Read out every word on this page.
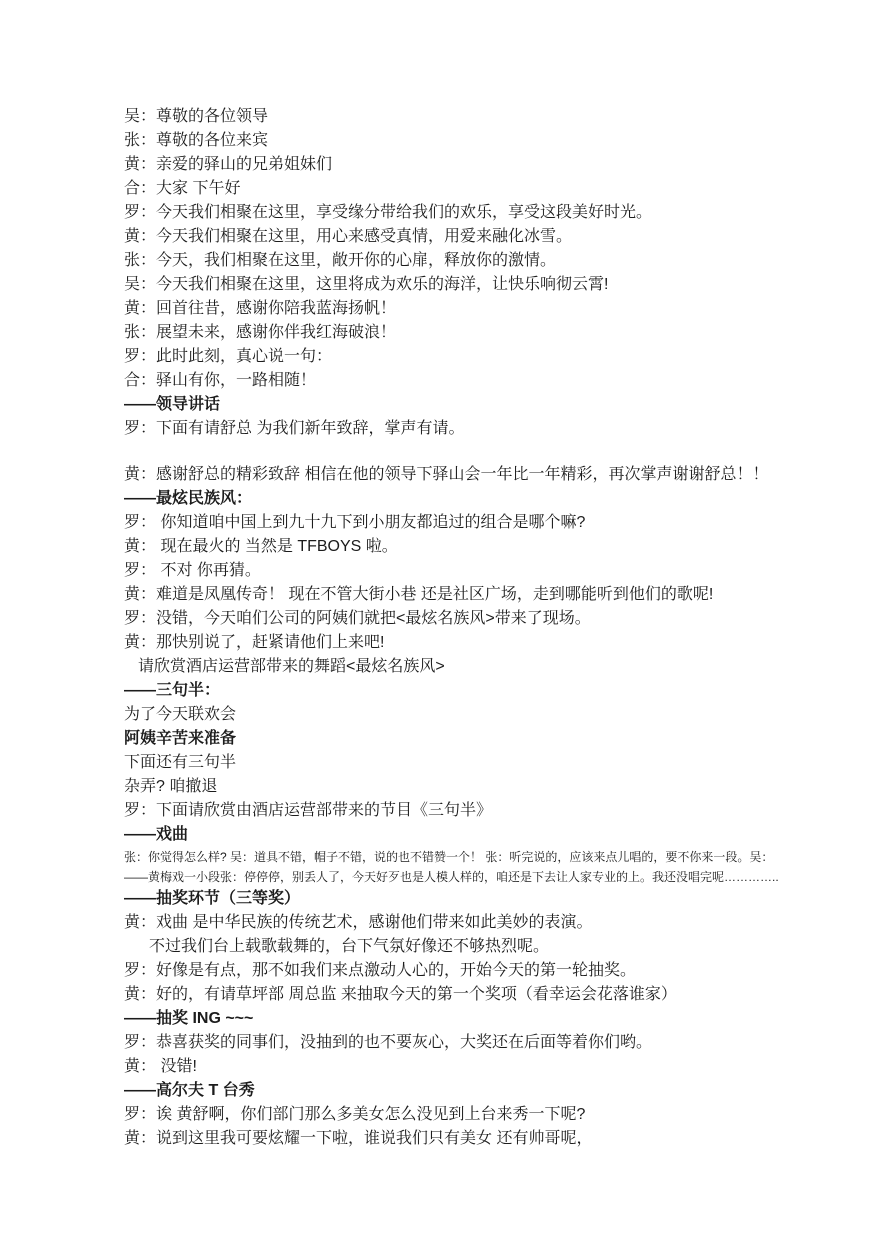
吴：尊敬的各位领导
张：尊敬的各位来宾
黄：亲爱的驿山的兄弟姐妹们
合：大家 下午好
罗：今天我们相聚在这里，享受缘分带给我们的欢乐，享受这段美好时光。
黄：今天我们相聚在这里，用心来感受真情，用爱来融化冰雪。
张：今天，我们相聚在这里，敞开你的心扉，释放你的激情。
吴：今天我们相聚在这里，这里将成为欢乐的海洋，让快乐响彻云霄!
黄：回首往昔，感谢你陪我蓝海扬帆！
张：展望未来，感谢你伴我红海破浪！
罗：此时此刻，真心说一句：
合：驿山有你，一路相随！
——领导讲话
罗：下面有请舒总 为我们新年致辞，掌声有请。
黄：感谢舒总的精彩致辞 相信在他的领导下驿山会一年比一年精彩，再次掌声谢谢舒总！！
——最炫民族风：
罗： 你知道咱中国上到九十九下到小朋友都追过的组合是哪个嘛?
黄： 现在最火的 当然是 TFBOYS 啦。
罗： 不对 你再猜。
黄：难道是凤凰传奇！ 现在不管大街小巷 还是社区广场，走到哪能听到他们的歌呢!
罗：没错，今天咱们公司的阿姨们就把<最炫名族风>带来了现场。
黄：那快别说了，赶紧请他们上来吧!
请欣赏酒店运营部带来的舞蹈<最炫名族风>
——三句半：
为了今天联欢会
阿姨辛苦来准备
下面还有三句半
杂弄? 咱撤退
罗：下面请欣赏由酒店运营部带来的节目《三句半》
——戏曲
张：你觉得怎么样? 吴：道具不错，帽子不错，说的也不错赞一个！ 张：听完说的，应该来点儿唱的，要不你来一段。吴：
——黄梅戏一小段张：停停停，别丢人了，今天好歹也是人模人样的，咱还是下去让人家专业的上。我还没唱完呢…………..
——抽奖环节（三等奖）
黄：戏曲 是中华民族的传统艺术，感谢他们带来如此美妙的表演。
不过我们台上载歌载舞的，台下气氛好像还不够热烈呢。
罗：好像是有点，那不如我们来点激动人心的，开始今天的第一轮抽奖。
黄：好的，有请草坪部 周总监 来抽取今天的第一个奖项（看幸运会花落谁家）
——抽奖 ING ~~~
罗：恭喜获奖的同事们，没抽到的也不要灰心，大奖还在后面等着你们哟。
黄： 没错!
——高尔夫 T 台秀
罗：诶 黄舒啊，你们部门那么多美女怎么没见到上台来秀一下呢?
黄：说到这里我可要炫耀一下啦，谁说我们只有美女 还有帅哥呢，
